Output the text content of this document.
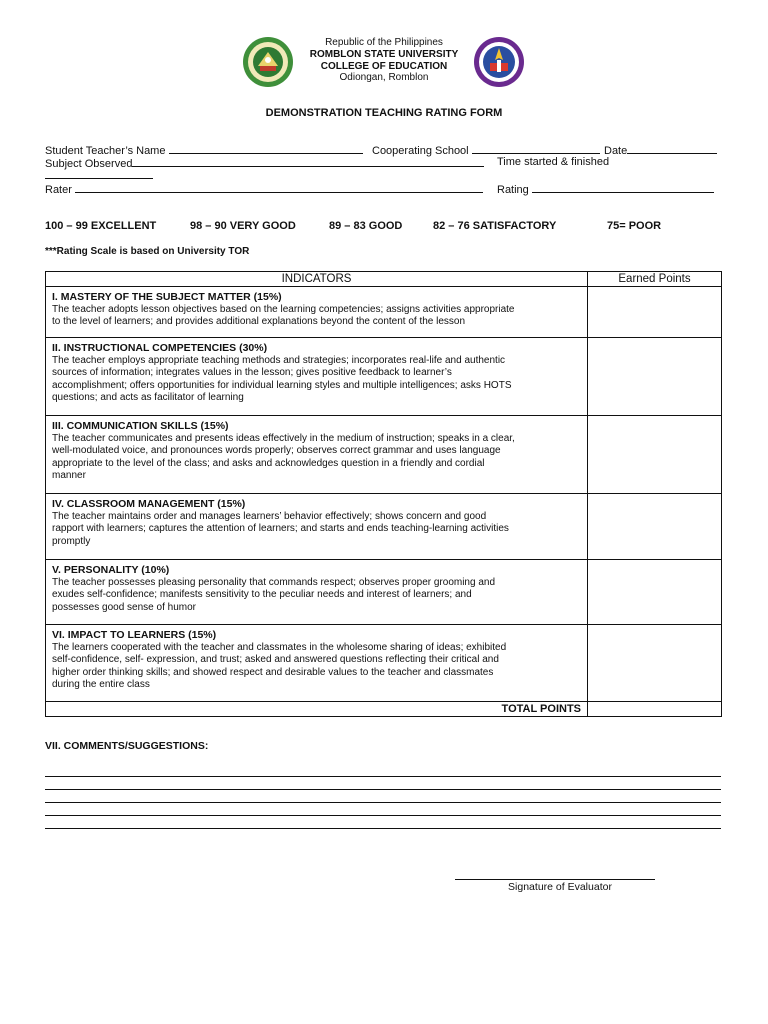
Republic of the Philippines
ROMBLON STATE UNIVERSITY
COLLEGE OF EDUCATION
Odiongan, Romblon
DEMONSTRATION TEACHING RATING FORM
Student Teacher’s Name	Cooperating School	Date
Subject Observed	Time started & finished
Rater	Rating
100 – 99 EXCELLENT	98 – 90 VERY GOOD	89 – 83 GOOD	82 – 76 SATISFACTORY	75= POOR
***Rating Scale is based on University TOR
INDICATORS	Earned Points

I. MASTERY OF THE SUBJECT MATTER (15%)
The teacher adopts lesson objectives based on the learning competencies; assigns activities appropriate
to the level of learners; and provides additional explanations beyond the content of the lesson	

II. INSTRUCTIONAL COMPETENCIES (30%)
The teacher employs appropriate teaching methods and strategies; incorporates real-life and authentic
sources of information; integrates values in the lesson; gives positive feedback to learner’s
accomplishment; offers opportunities for individual learning styles and multiple intelligences; asks HOTS
questions; and acts as facilitator of learning	

III. COMMUNICATION SKILLS (15%)
The teacher communicates and presents ideas effectively in the medium of instruction; speaks in a clear,
well-modulated voice, and pronounces words properly; observes correct grammar and uses language
appropriate to the level of the class; and asks and acknowledges question in a friendly and cordial
manner	

IV. CLASSROOM MANAGEMENT (15%)
The teacher maintains order and manages learners’ behavior effectively; shows concern and good
rapport with learners; captures the attention of learners; and starts and ends teaching-learning activities
promptly	

V. PERSONALITY (10%)
The teacher possesses pleasing personality that commands respect; observes proper grooming and
exudes self-confidence; manifests sensitivity to the peculiar needs and interest of learners; and
possesses good sense of humor	

VI. IMPACT TO LEARNERS (15%)
The learners cooperated with the teacher and classmates in the wholesome sharing of ideas; exhibited
self-confidence, self- expression, and trust; asked and answered questions reflecting their critical and
higher order thinking skills; and showed respect and desirable values to the teacher and classmates
during the entire class	

TOTAL POINTS	
VII. COMMENTS/SUGGESTIONS:
Signature of Evaluator
